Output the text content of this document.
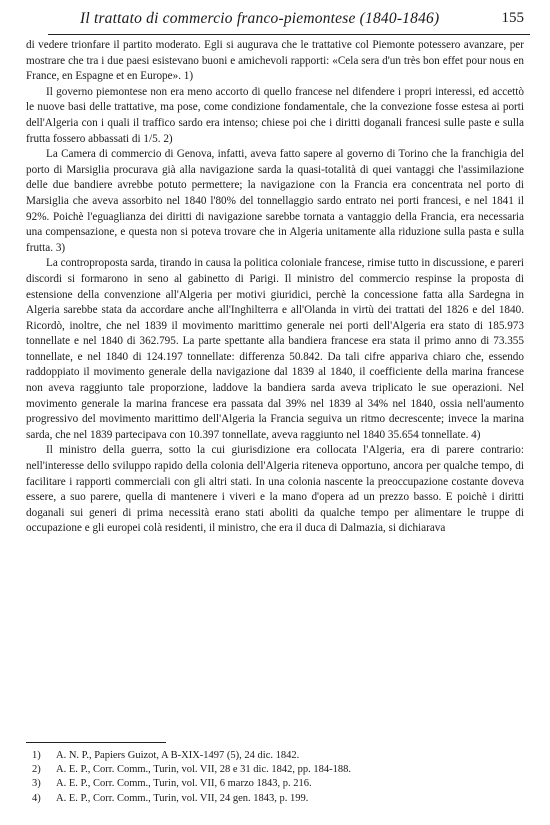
Il trattato di commercio franco-piemontese (1840-1846)	155

di vedere trionfare il partito moderato. Egli si augurava che le trattative col Piemonte potessero avanzare, per mostrare che tra i due paesi esistevano buoni e amichevoli rapporti: «Cela sera d'un très bon effet pour nous en France, en Espagne et en Europe». 1)

Il governo piemontese non era meno accorto di quello francese nel difendere i propri interessi, ed accettò le nuove basi delle trattative, ma pose, come condizione fondamentale, che la convezione fosse estesa ai porti dell'Algeria con i quali il traffico sardo era intenso; chiese poi che i diritti doganali francesi sulle paste e sulla frutta fossero abbassati di 1/5. 2)

La Camera di commercio di Genova, infatti, aveva fatto sapere al governo di Torino che la franchigia del porto di Marsiglia procurava già alla navigazione sarda la quasi-totalità di quei vantaggi che l'assimilazione delle due bandiere avrebbe potuto permettere; la navigazione con la Francia era concentrata nel porto di Marsiglia che aveva assorbito nel 1840 l'80% del tonnellaggio sardo entrato nei porti francesi, e nel 1841 il 92%. Poichè l'eguaglianza dei diritti di navigazione sarebbe tornata a vantaggio della Francia, era necessaria una compensazione, e questa non si poteva trovare che in Algeria unitamente alla riduzione sulla pasta e sulla frutta. 3)

La controproposta sarda, tirando in causa la politica coloniale francese, rimise tutto in discussione, e pareri discordi si formarono in seno al gabinetto di Parigi. Il ministro del commercio respinse la proposta di estensione della convenzione all'Algeria per motivi giuridici, perchè la concessione fatta alla Sardegna in Algeria sarebbe stata da accordare anche all'Inghilterra e all'Olanda in virtù dei trattati del 1826 e del 1840. Ricordò, inoltre, che nel 1839 il movimento marittimo generale nei porti dell'Algeria era stato di 185.973 tonnellate e nel 1840 di 362.795. La parte spettante alla bandiera francese era stata il primo anno di 73.355 tonnellate, e nel 1840 di 124.197 tonnellate: differenza 50.842. Da tali cifre appariva chiaro che, essendo raddoppiato il movimento generale della navigazione dal 1839 al 1840, il coefficiente della marina francese non aveva raggiunto tale proporzione, laddove la bandiera sarda aveva triplicato le sue operazioni. Nel movimento generale la marina francese era passata dal 39% nel 1839 al 34% nel 1840, ossia nell'aumento progressivo del movimento marittimo dell'Algeria la Francia seguiva un ritmo decrescente; invece la marina sarda, che nel 1839 partecipava con 10.397 tonnellate, aveva raggiunto nel 1840 35.654 tonnellate. 4)

Il ministro della guerra, sotto la cui giurisdizione era collocata l'Algeria, era di parere contrario: nell'interesse dello sviluppo rapido della colonia dell'Algeria riteneva opportuno, ancora per qualche tempo, di facilitare i rapporti commerciali con gli altri stati. In una colonia nascente la preoccupazione costante doveva essere, a suo parere, quella di mantenere i viveri e la mano d'opera ad un prezzo basso. E poichè i diritti doganali sui generi di prima necessità erano stati aboliti da qualche tempo per alimentare le truppe di occupazione e gli europei colà residenti, il ministro, che era il duca di Dalmazia, si dichiarava

1) A. N. P., Papiers Guizot, A B-XIX-1497 (5), 24 dic. 1842.

2) A. E. P., Corr. Comm., Turin, vol. VII, 28 e 31 dic. 1842, pp. 184-188.

3) A. E. P., Corr. Comm., Turin, vol. VII, 6 marzo 1843, p. 216.

4) A. E. P., Corr. Comm., Turin, vol. VII, 24 gen. 1843, p. 199.
